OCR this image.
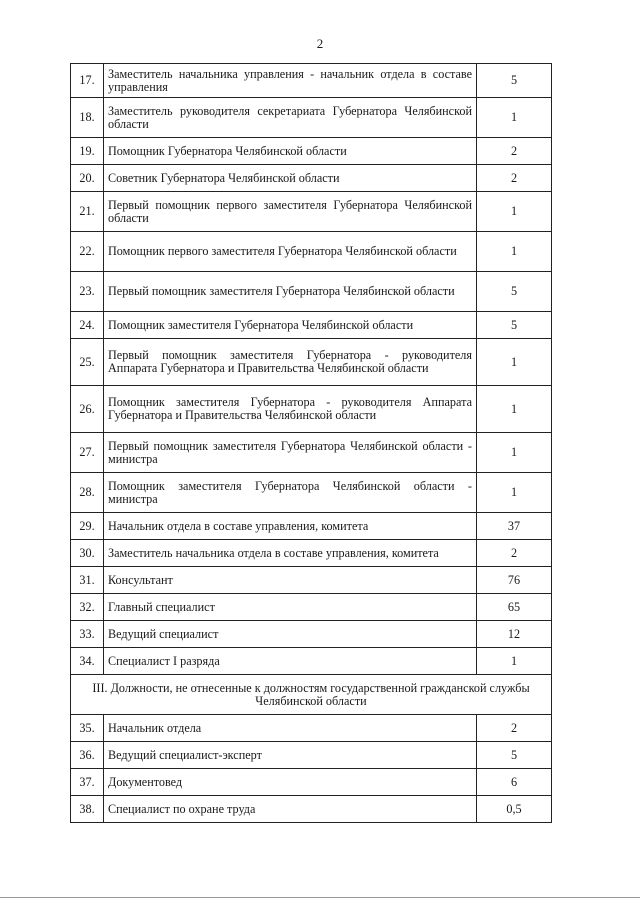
2
17.	Заместитель начальника управления - начальник отдела в составе управления	5
18.	Заместитель руководителя секретариата Губернатора Челябинской области	1
19.	Помощник Губернатора Челябинской области	2
20.	Советник Губернатора Челябинской области	2
21.	Первый помощник первого заместителя Губернатора Челябинской области	1
22.	Помощник первого заместителя Губернатора Челябинской области	1
23.	Первый помощник заместителя Губернатора Челябинской области	5
24.	Помощник заместителя Губернатора Челябинской области	5
25.	Первый помощник заместителя Губернатора - руководителя Аппарата Губернатора и Правительства Челябинской области	1
26.	Помощник заместителя Губернатора - руководителя Аппарата Губернатора и Правительства Челябинской области	1
27.	Первый помощник заместителя Губернатора Челябинской области - министра	1
28.	Помощник заместителя Губернатора Челябинской области - министра	1
29.	Начальник отдела в составе управления, комитета	37
30.	Заместитель начальника отдела в составе управления, комитета	2
31.	Консультант	76
32.	Главный специалист	65
33.	Ведущий специалист	12
34.	Специалист I разряда	1
III. Должности, не отнесенные к должностям государственной гражданской службы Челябинской области		
35.	Начальник отдела	2
36.	Ведущий специалист-эксперт	5
37.	Документовед	6
38.	Специалист по охране труда	0,5
